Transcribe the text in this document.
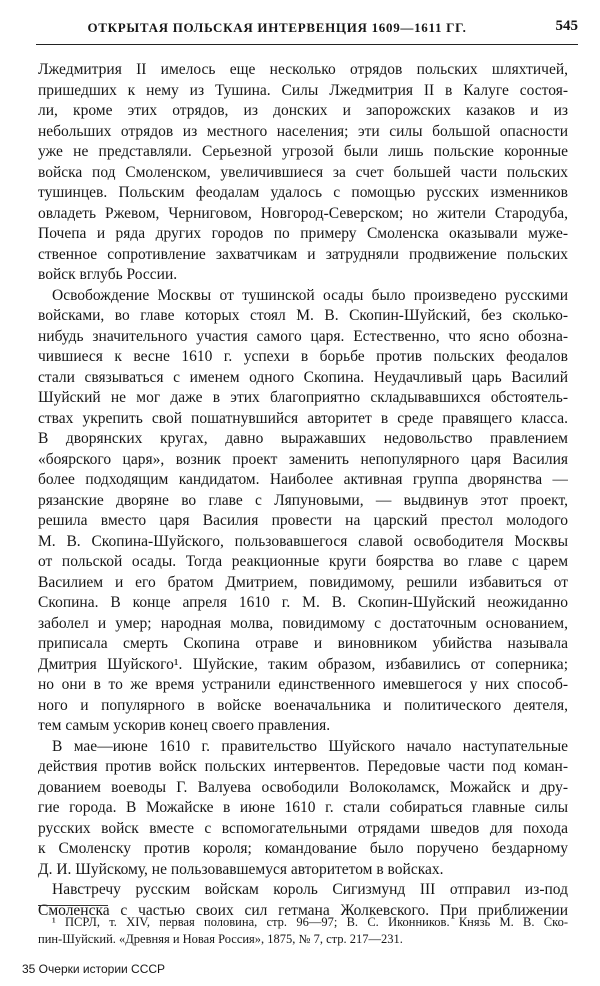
ОТКРЫТАЯ ПОЛЬСКАЯ ИНТЕРВЕНЦИЯ 1609—1611 ГГ.	545
Лжедмитрия II имелось еще несколько отрядов польских шляхтичей,
пришедших к нему из Тушина. Силы Лжедмитрия II в Калуге состоя-
ли, кроме этих отрядов, из донских и запорожских казаков и из
небольших отрядов из местного населения; эти силы большой опасности
уже не представляли. Серьезной угрозой были лишь польские коронные
войска под Смоленском, увеличившиеся за счет большей части польских
тушинцев. Польским феодалам удалось с помощью русских изменников
овладеть Ржевом, Черниговом, Новгород-Северском; но жители Стародуба,
Почепа и ряда других городов по примеру Смоленска оказывали муже-
ственное сопротивление захватчикам и затрудняли продвижение польских
войск вглубь России.
Освобождение Москвы от тушинской осады было произведено русскими
войсками, во главе которых стоял М. В. Скопин-Шуйский, без сколько-
нибудь значительного участия самого царя. Естественно, что ясно обозна-
чившиеся к весне 1610 г. успехи в борьбе против польских феодалов
стали связываться с именем одного Скопина. Неудачливый царь Василий
Шуйский не мог даже в этих благоприятно складывавшихся обстоятель-
ствах укрепить свой пошатнувшийся авторитет в среде правящего класса.
В дворянских кругах, давно выражавших недовольство правлением
«боярского царя», возник проект заменить непопулярного царя Василия
более подходящим кандидатом. Наиболее активная группа дворянства —
рязанские дворяне во главе с Ляпуновыми, — выдвинув этот проект,
решила вместо царя Василия провести на царский престол молодого
М. В. Скопина-Шуйского, пользовавшегося славой освободителя Москвы
от польской осады. Тогда реакционные круги боярства во главе с царем
Василием и его братом Дмитрием, повидимому, решили избавиться от
Скопина. В конце апреля 1610 г. М. В. Скопин-Шуйский неожиданно
заболел и умер; народная молва, повидимому с достаточным основанием,
приписала смерть Скопина отраве и виновником убийства называла
Дмитрия Шуйского¹. Шуйские, таким образом, избавились от соперника;
но они в то же время устранили единственного имевшегося у них способ-
ного и популярного в войске военачальника и политического деятеля,
тем самым ускорив конец своего правления.
В мае—июне 1610 г. правительство Шуйского начало наступательные
действия против войск польских интервентов. Передовые части под коман-
дованием воеводы Г. Валуева освободили Волоколамск, Можайск и дру-
гие города. В Можайске в июне 1610 г. стали собираться главные силы
русских войск вместе с вспомогательными отрядами шведов для похода
к Смоленску против короля; командование было поручено бездарному
Д. И. Шуйскому, не пользовавшемуся авторитетом в войсках.
Навстречу русским войскам король Сигизмунд III отправил из-под
Смоленска с частью своих сил гетмана Жолкевского. При приближении
¹ ПСРЛ, т. XIV, первая половина, стр. 96—97; В. С. Иконников. Князь М. В. Ско-
пин-Шуйский. «Древняя и Новая Россия», 1875, № 7, стр. 217—231.
35 Очерки истории СССР
